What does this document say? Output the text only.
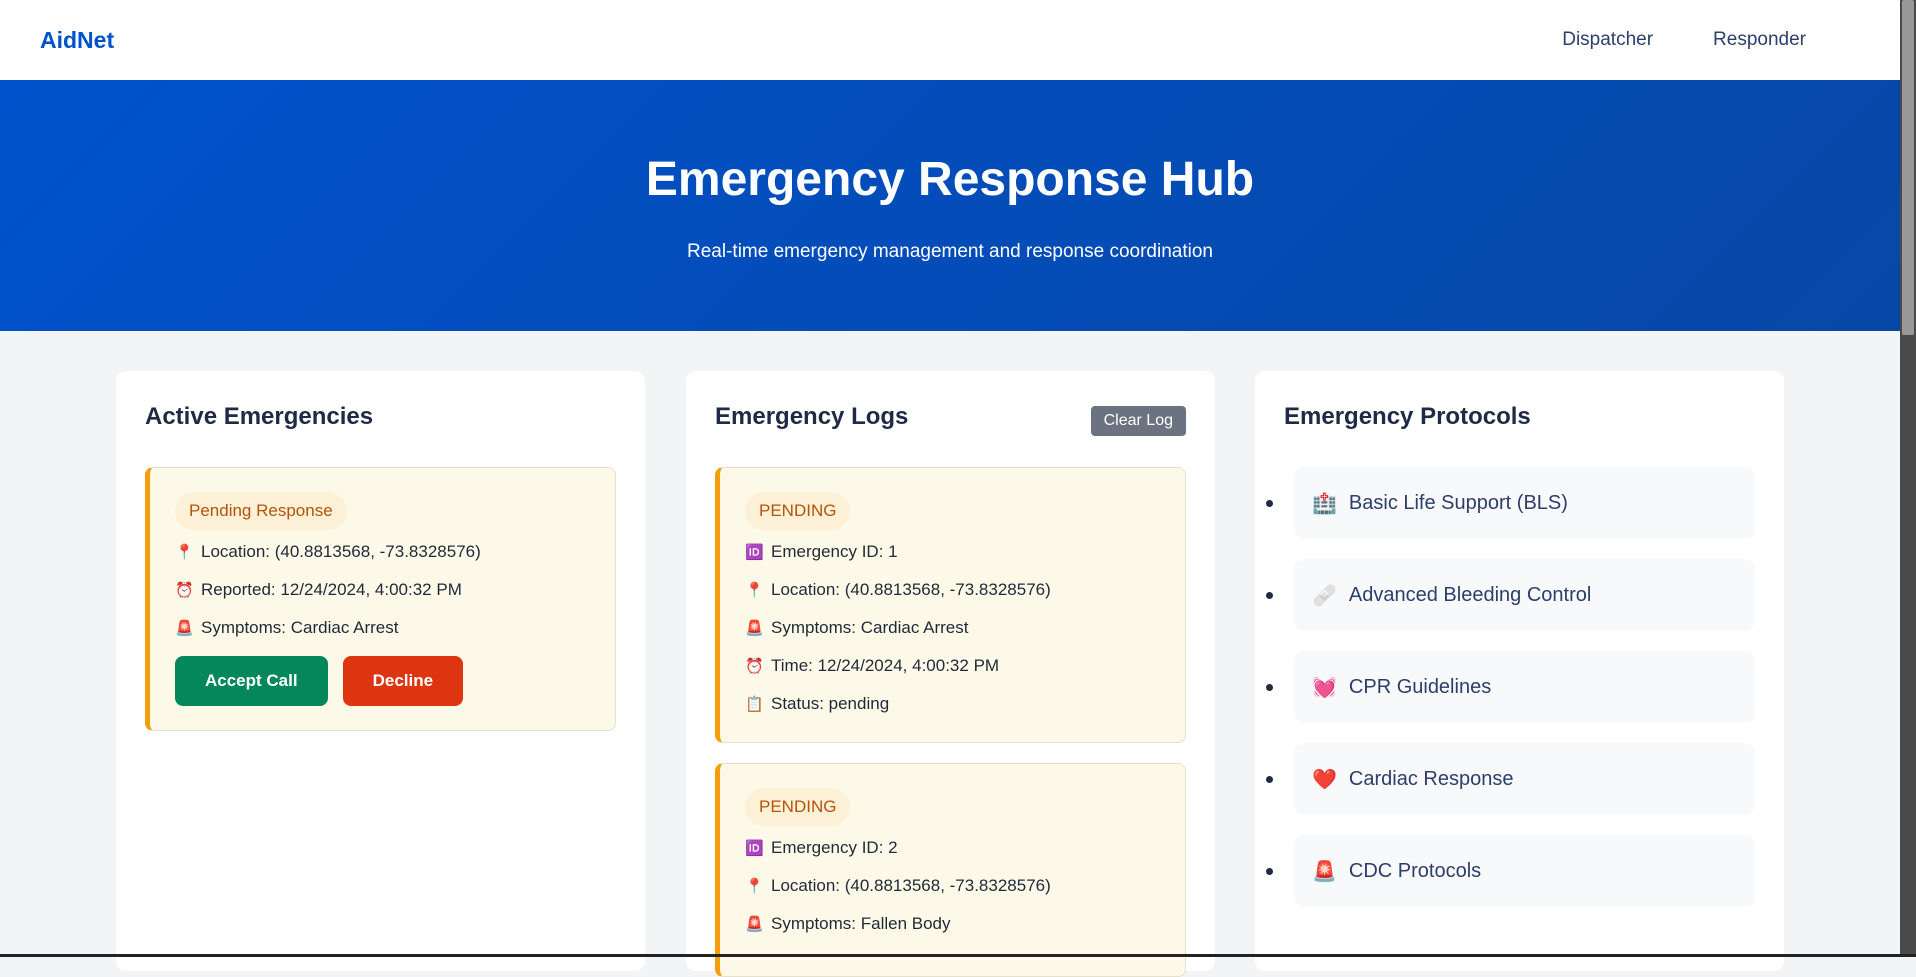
AidNet	Dispatcher	Responder
Emergency Response Hub

Real-time emergency management and response coordination

Active Emergencies
Pending Response
📍 Location: (40.8813568, -73.8328576)
⏰ Reported: 12/24/2024, 4:00:32 PM
🚨 Symptoms: Cardiac Arrest
Accept Call	Decline
Emergency Logs	Clear Log
PENDING
🆔 Emergency ID: 1
📍 Location: (40.8813568, -73.8328576)
🚨 Symptoms: Cardiac Arrest
⏰ Time: 12/24/2024, 4:00:32 PM
📋 Status: pending
PENDING
🆔 Emergency ID: 2
📍 Location: (40.8813568, -73.8328576)
🚨 Symptoms: Fallen Body
Emergency Protocols
🏥 Basic Life Support (BLS)
🩹 Advanced Bleeding Control
💓 CPR Guidelines
❤️ Cardiac Response
🚨 CDC Protocols
